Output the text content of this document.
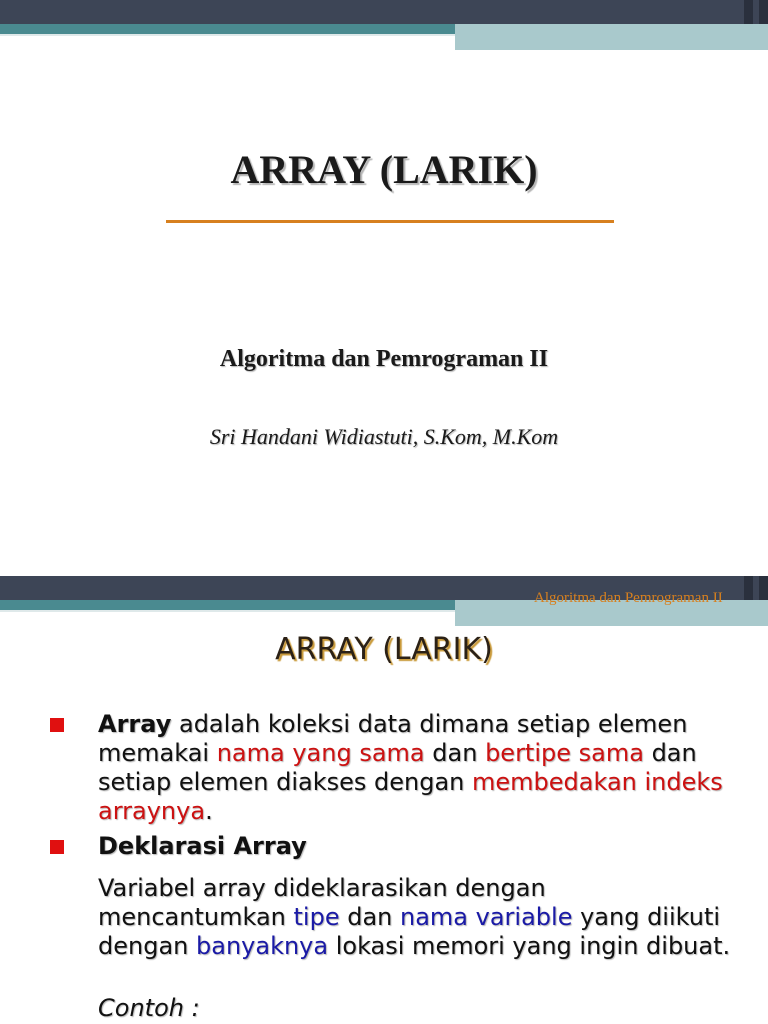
ARRAY (LARIK)
Algoritma dan Pemrograman II
Sri Handani Widiastuti, S.Kom, M.Kom
Algoritma dan Pemrograman II
ARRAY (LARIK)
Array adalah koleksi data dimana setiap elemen memakai nama yang sama dan bertipe sama dan setiap elemen diakses dengan membedakan indeks arraynya.
Deklarasi Array
Variabel array dideklarasikan dengan mencantumkan tipe dan nama variable yang diikuti dengan banyaknya lokasi memori yang ingin dibuat.
Contoh :
